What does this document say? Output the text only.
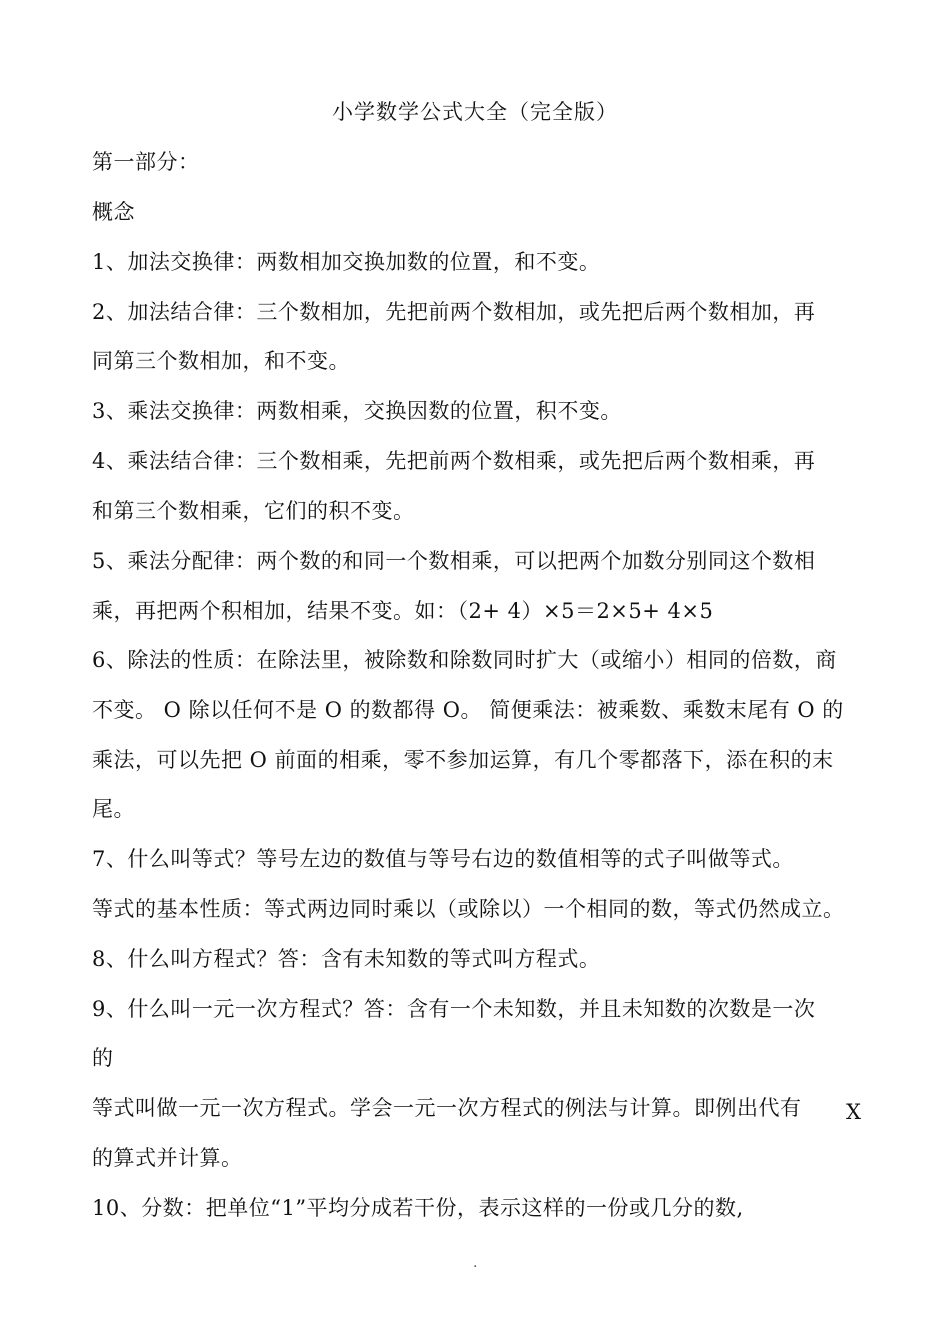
小学数学公式大全（完全版）
第一部分：
概念
1、加法交换律：两数相加交换加数的位置，和不变。
2、加法结合律：三个数相加，先把前两个数相加，或先把后两个数相加，再
同第三个数相加，和不变。
3、乘法交换律：两数相乘，交换因数的位置，积不变。
4、乘法结合律：三个数相乘，先把前两个数相乘，或先把后两个数相乘，再
和第三个数相乘，它们的积不变。
5、乘法分配律：两个数的和同一个数相乘，可以把两个加数分别同这个数相
乘，再把两个积相加，结果不变。如：（2+ 4）×5＝2×5+ 4×5
6、除法的性质：在除法里，被除数和除数同时扩大（或缩小）相同的倍数，商
不变。 O 除以任何不是 O 的数都得 O。 简便乘法：被乘数、乘数末尾有 O 的
乘法，可以先把 O 前面的相乘，零不参加运算，有几个零都落下，添在积的末
尾。
7、什么叫等式？等号左边的数值与等号右边的数值相等的式子叫做等式。
等式的基本性质：等式两边同时乘以（或除以）一个相同的数，等式仍然成立。
8、什么叫方程式？答：含有未知数的等式叫方程式。
9、什么叫一元一次方程式？答：含有一个未知数，并且未知数的次数是一次
的
等式叫做一元一次方程式。学会一元一次方程式的例法与计算。即例出代有 X
的算式并计算。
10、分数：把单位“1”平均分成若干份，表示这样的一份或几分的数,
.
